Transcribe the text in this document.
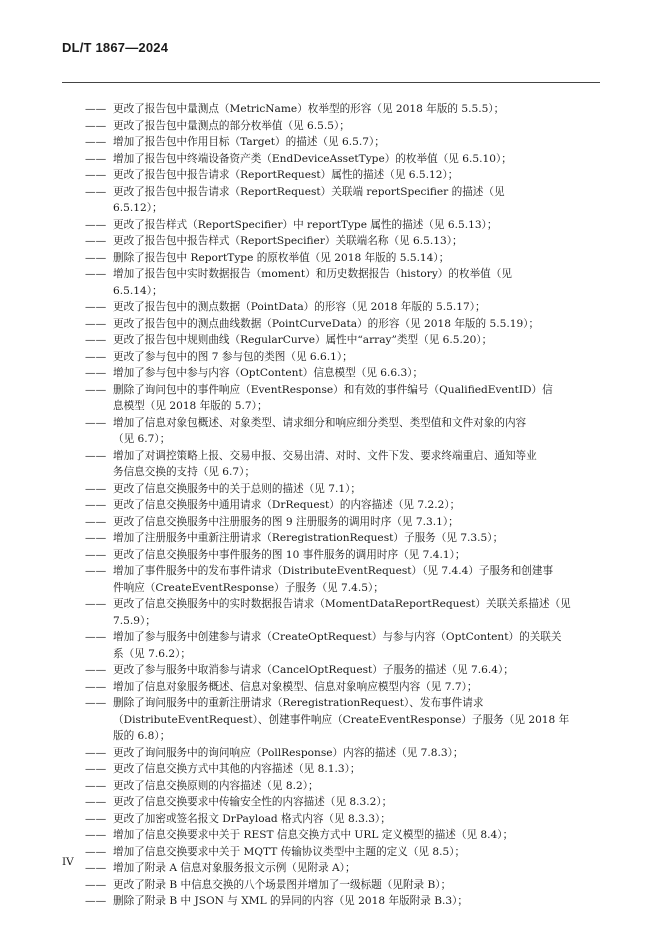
DL/T 1867—2024
—— 更改了报告包中量测点（MetricName）枚举型的形容（见 2018 年版的 5.5.5）；
—— 更改了报告包中量测点的部分枚举值（见 6.5.5）；
—— 增加了报告包中作用目标（Target）的描述（见 6.5.7）；
—— 增加了报告包中终端设备资产类（EndDeviceAssetType）的枚举值（见 6.5.10）；
—— 更改了报告包中报告请求（ReportRequest）属性的描述（见 6.5.12）；
—— 更改了报告包中报告请求（ReportRequest）关联端 reportSpecifier 的描述（见
6.5.12）；
—— 更改了报告样式（ReportSpecifier）中 reportType 属性的描述（见 6.5.13）；
—— 更改了报告包中报告样式（ReportSpecifier）关联端名称（见 6.5.13）；
—— 删除了报告包中 ReportType 的原枚举值（见 2018 年版的 5.5.14）；
—— 增加了报告包中实时数据报告（moment）和历史数据报告（history）的枚举值（见
6.5.14）；
—— 更改了报告包中的测点数据（PointData）的形容（见 2018 年版的 5.5.17）；
—— 更改了报告包中的测点曲线数据（PointCurveData）的形容（见 2018 年版的 5.5.19）；
—— 更改了报告包中规则曲线（RegularCurve）属性中“array”类型（见 6.5.20）；
—— 更改了参与包中的图 7 参与包的类图（见 6.6.1）；
—— 增加了参与包中参与内容（OptContent）信息模型（见 6.6.3）；
—— 删除了询问包中的事件响应（EventResponse）和有效的事件编号（QualifiedEventID）信
息模型（见 2018 年版的 5.7）；
—— 增加了信息对象包概述、对象类型、请求细分和响应细分类型、类型值和文件对象的内容
（见 6.7）；
—— 增加了对调控策略上报、交易申报、交易出清、对时、文件下发、要求终端重启、通知等业
务信息交换的支持（见 6.7）；
—— 更改了信息交换服务中的关于总则的描述（见 7.1）；
—— 更改了信息交换服务中通用请求（DrRequest）的内容描述（见 7.2.2）；
—— 更改了信息交换服务中注册服务的图 9 注册服务的调用时序（见 7.3.1）；
—— 增加了注册服务中重新注册请求（ReregistrationRequest）子服务（见 7.3.5）；
—— 更改了信息交换服务中事件服务的图 10 事件服务的调用时序（见 7.4.1）；
—— 增加了事件服务中的发布事件请求（DistributeEventRequest）（见 7.4.4）子服务和创建事
件响应（CreateEventResponse）子服务（见 7.4.5）；
—— 更改了信息交换服务中的实时数据报告请求（MomentDataReportRequest）关联关系描述（见
7.5.9）；
—— 增加了参与服务中创建参与请求（CreateOptRequest）与参与内容（OptContent）的关联关
系（见 7.6.2）；
—— 更改了参与服务中取消参与请求（CancelOptRequest）子服务的描述（见 7.6.4）；
—— 增加了信息对象服务概述、信息对象模型、信息对象响应模型内容（见 7.7）；
—— 删除了询问服务中的重新注册请求（ReregistrationRequest）、发布事件请求
（DistributeEventRequest）、创建事件响应（CreateEventResponse）子服务（见 2018 年
版的 6.8）；
—— 更改了询问服务中的询问响应（PollResponse）内容的描述（见 7.8.3）；
—— 更改了信息交换方式中其他的内容描述（见 8.1.3）；
—— 更改了信息交换原则的内容描述（见 8.2）；
—— 更改了信息交换要求中传输安全性的内容描述（见 8.3.2）；
—— 更改了加密或签名报文 DrPayload 格式内容（见 8.3.3）；
—— 增加了信息交换要求中关于 REST 信息交换方式中 URL 定义模型的描述（见 8.4）；
—— 增加了信息交换要求中关于 MQTT 传输协议类型中主题的定义（见 8.5）；
—— 增加了附录 A 信息对象服务报文示例（见附录 A）；
—— 更改了附录 B 中信息交换的八个场景图并增加了一级标题（见附录 B）；
—— 删除了附录 B 中 JSON 与 XML 的异同的内容（见 2018 年版附录 B.3）；
IV
